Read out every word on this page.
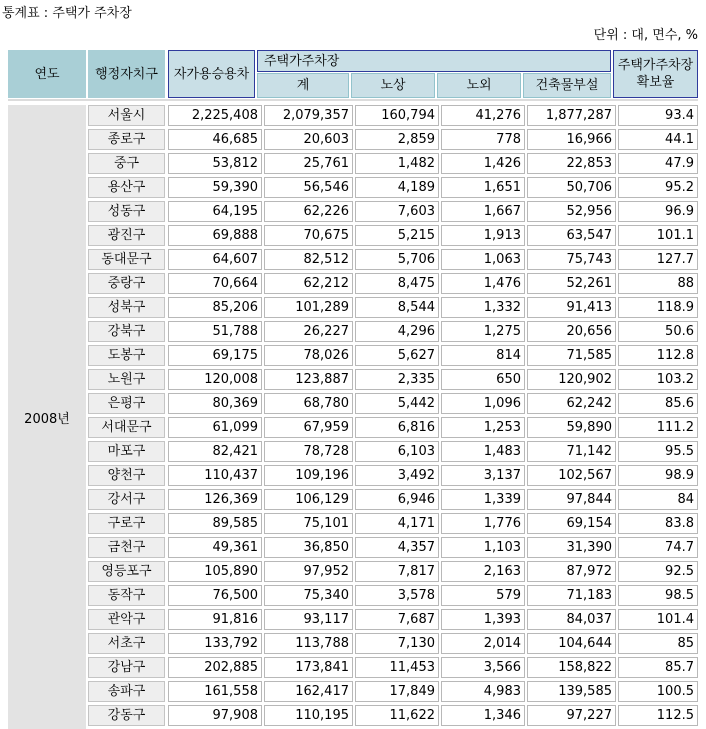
통계표 : 주택가 주차장
단위 : 대, 면수, %
연도	행정자치구	자가용승용차
주택가주차장
계	노상	노외	건축물부설
주택가주차장확보율
2008년
서울시	2,225,408	2,079,357	160,794	41,276	1,877,287	93.4
종로구	46,685	20,603	2,859	778	16,966	44.1
중구	53,812	25,761	1,482	1,426	22,853	47.9
용산구	59,390	56,546	4,189	1,651	50,706	95.2
성동구	64,195	62,226	7,603	1,667	52,956	96.9
광진구	69,888	70,675	5,215	1,913	63,547	101.1
동대문구	64,607	82,512	5,706	1,063	75,743	127.7
중랑구	70,664	62,212	8,475	1,476	52,261	88
성북구	85,206	101,289	8,544	1,332	91,413	118.9
강북구	51,788	26,227	4,296	1,275	20,656	50.6
도봉구	69,175	78,026	5,627	814	71,585	112.8
노원구	120,008	123,887	2,335	650	120,902	103.2
은평구	80,369	68,780	5,442	1,096	62,242	85.6
서대문구	61,099	67,959	6,816	1,253	59,890	111.2
마포구	82,421	78,728	6,103	1,483	71,142	95.5
양천구	110,437	109,196	3,492	3,137	102,567	98.9
강서구	126,369	106,129	6,946	1,339	97,844	84
구로구	89,585	75,101	4,171	1,776	69,154	83.8
금천구	49,361	36,850	4,357	1,103	31,390	74.7
영등포구	105,890	97,952	7,817	2,163	87,972	92.5
동작구	76,500	75,340	3,578	579	71,183	98.5
관악구	91,816	93,117	7,687	1,393	84,037	101.4
서초구	133,792	113,788	7,130	2,014	104,644	85
강남구	202,885	173,841	11,453	3,566	158,822	85.7
송파구	161,558	162,417	17,849	4,983	139,585	100.5
강동구	97,908	110,195	11,622	1,346	97,227	112.5
